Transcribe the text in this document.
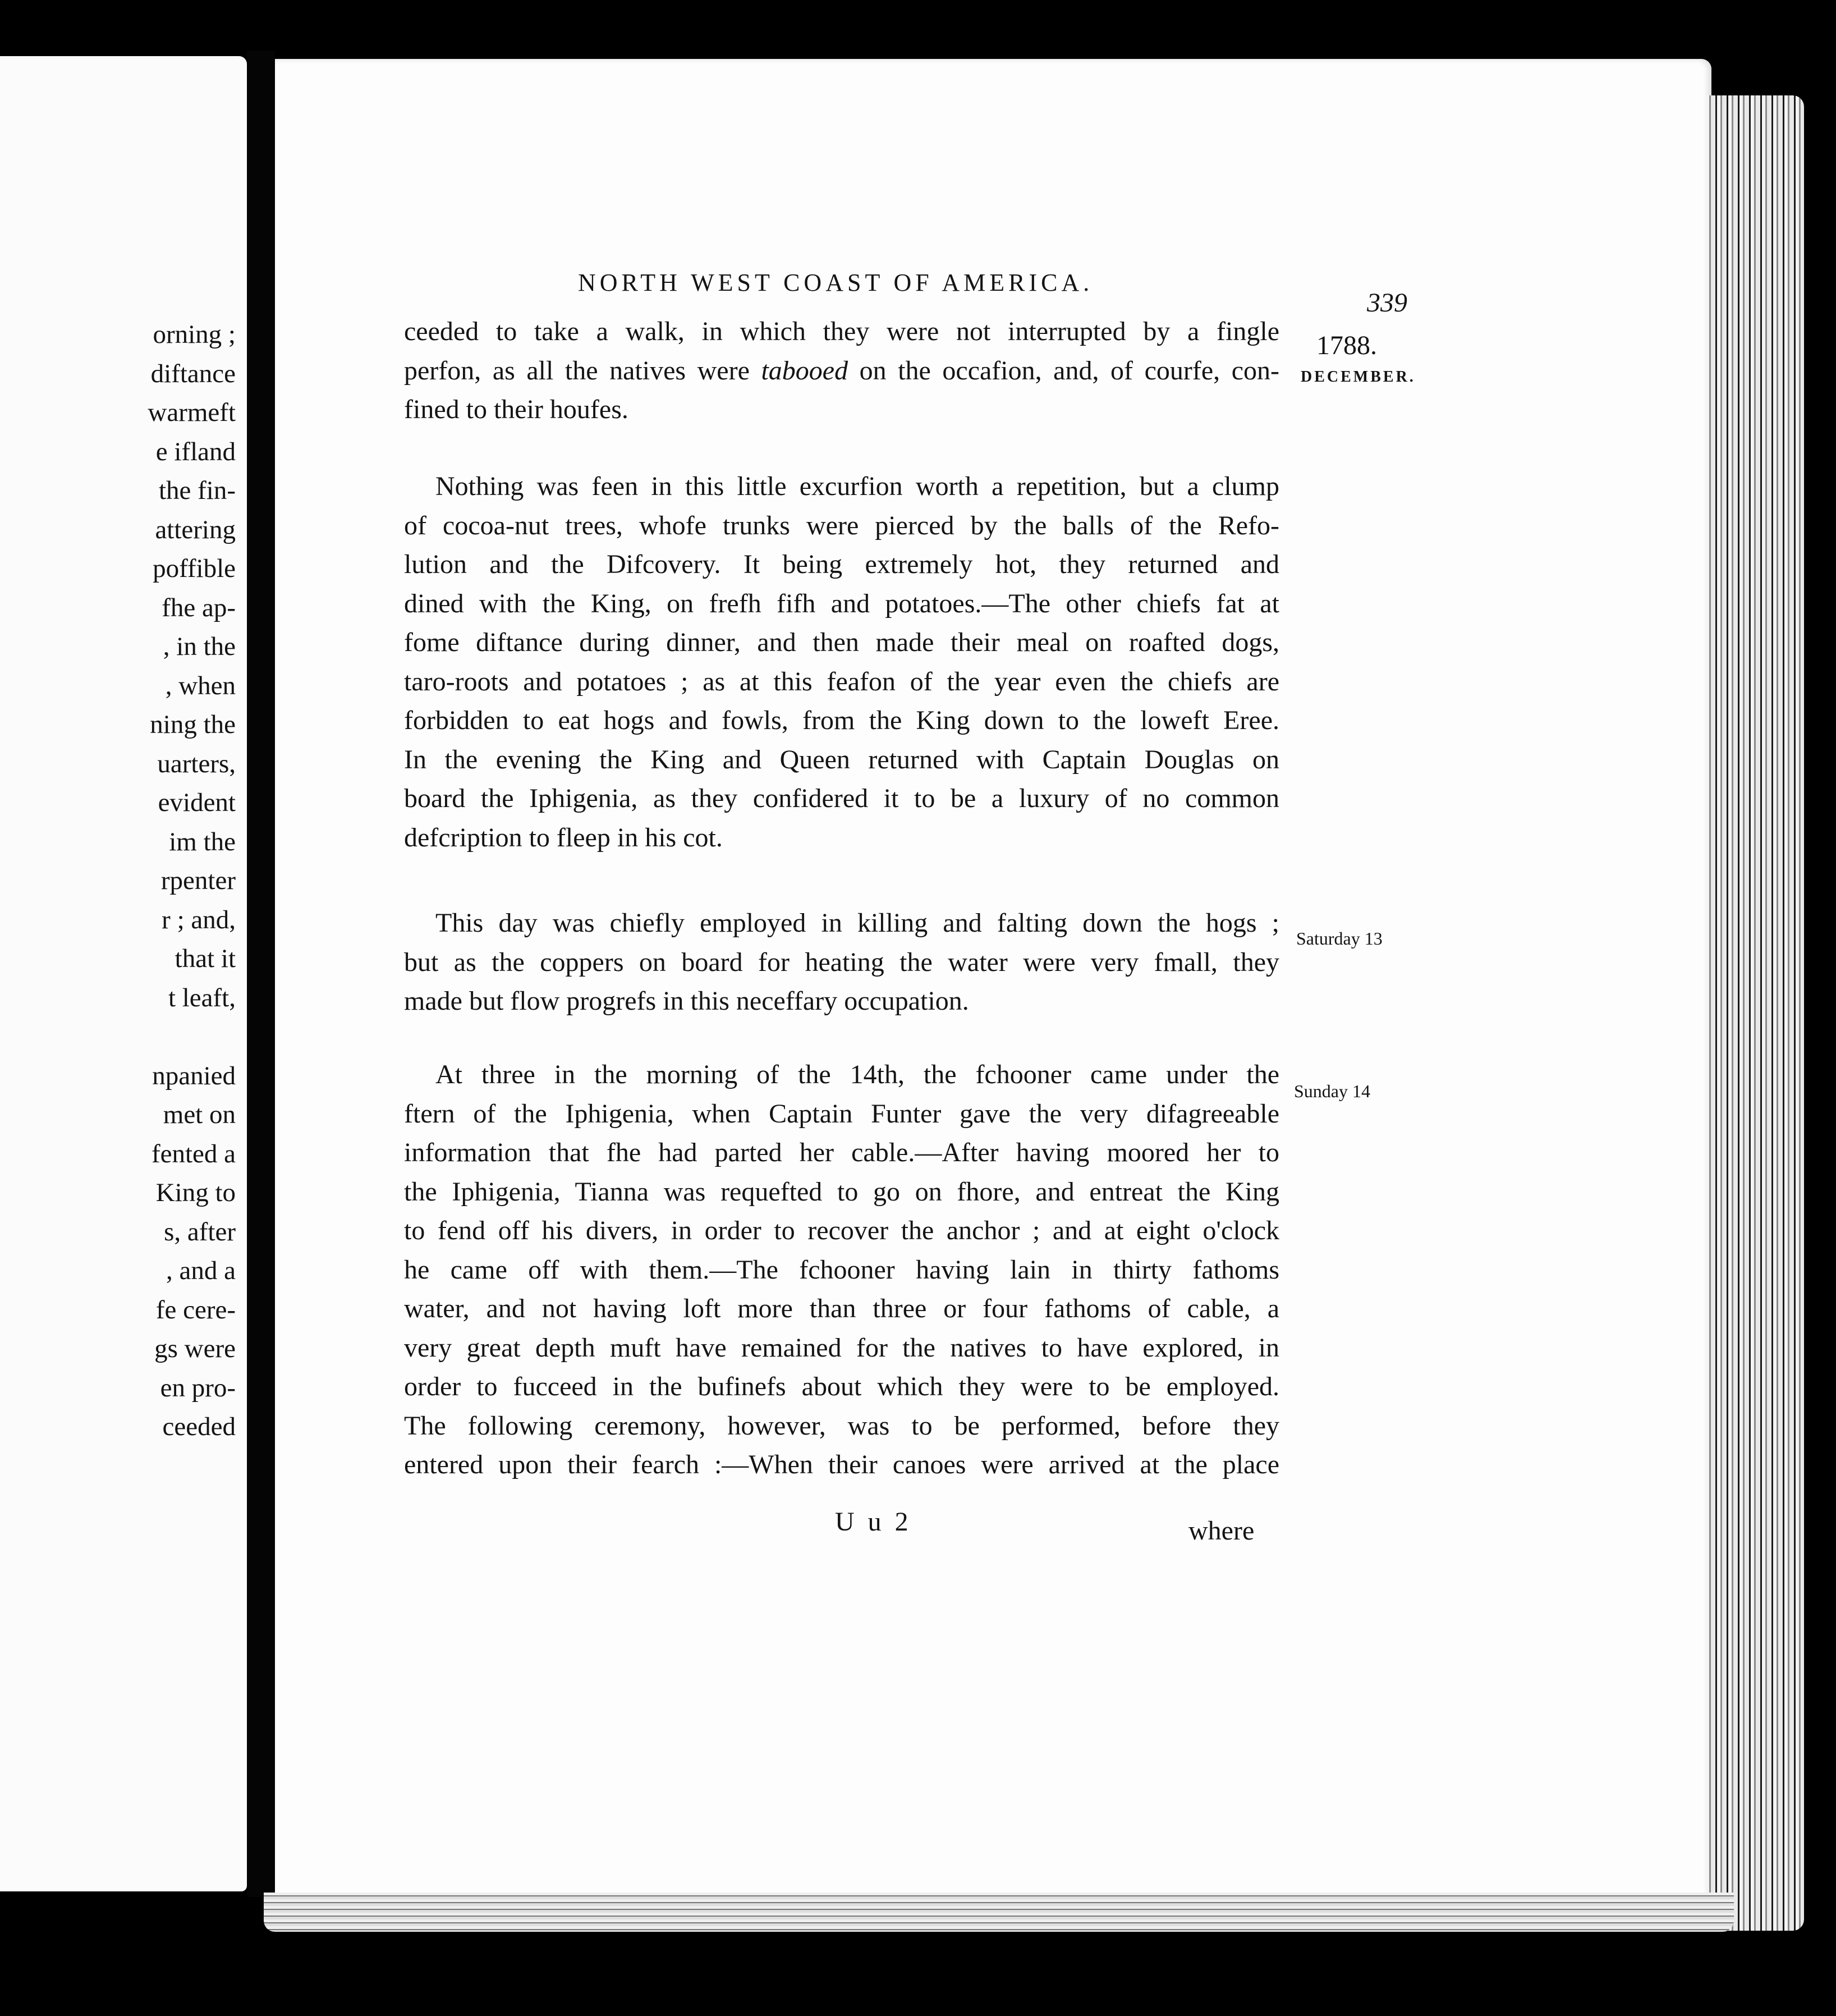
orning ;
diftance
warmeft
e ifland
the fin-
attering
poffible
fhe ap-
, in the
, when
ning the
uarters,
evident
im the
rpenter
r ; and,
that it
t leaft,
npanied
met on
fented a
King to
s, after
, and a
fe cere-
gs were
en pro-
ceeded
NORTH WEST COAST OF AMERICA.
339
1788.
DECEMBER.
Saturday 13
Sunday 14
ceeded to take a walk, in which they were not interrupted by a fingle
perfon, as all the natives were tabooed on the occafion, and, of courfe, con-
fined to their houfes.
Nothing was feen in this little excurfion worth a repetition, but a clump
of cocoa-nut trees, whofe trunks were pierced by the balls of the Refo-
lution and the Difcovery. It being extremely hot, they returned and
dined with the King, on frefh fifh and potatoes.—The other chiefs fat at
fome diftance during dinner, and then made their meal on roafted dogs,
taro-roots and potatoes ; as at this feafon of the year even the chiefs are
forbidden to eat hogs and fowls, from the King down to the loweft Eree.
In the evening the King and Queen returned with Captain Douglas on
board the Iphigenia, as they confidered it to be a luxury of no common
defcription to fleep in his cot.
This day was chiefly employed in killing and falting down the hogs ;
but as the coppers on board for heating the water were very fmall, they
made but flow progrefs in this neceffary occupation.
At three in the morning of the 14th, the fchooner came under the
ftern of the Iphigenia, when Captain Funter gave the very difagreeable
information that fhe had parted her cable.—After having moored her to
the Iphigenia, Tianna was requefted to go on fhore, and entreat the King
to fend off his divers, in order to recover the anchor ; and at eight o'clock
he came off with them.—The fchooner having lain in thirty fathoms
water, and not having loft more than three or four fathoms of cable, a
very great depth muft have remained for the natives to have explored, in
order to fucceed in the bufinefs about which they were to be employed.
The following ceremony, however, was to be performed, before they
entered upon their fearch :—When their canoes were arrived at the place
U u 2	where
